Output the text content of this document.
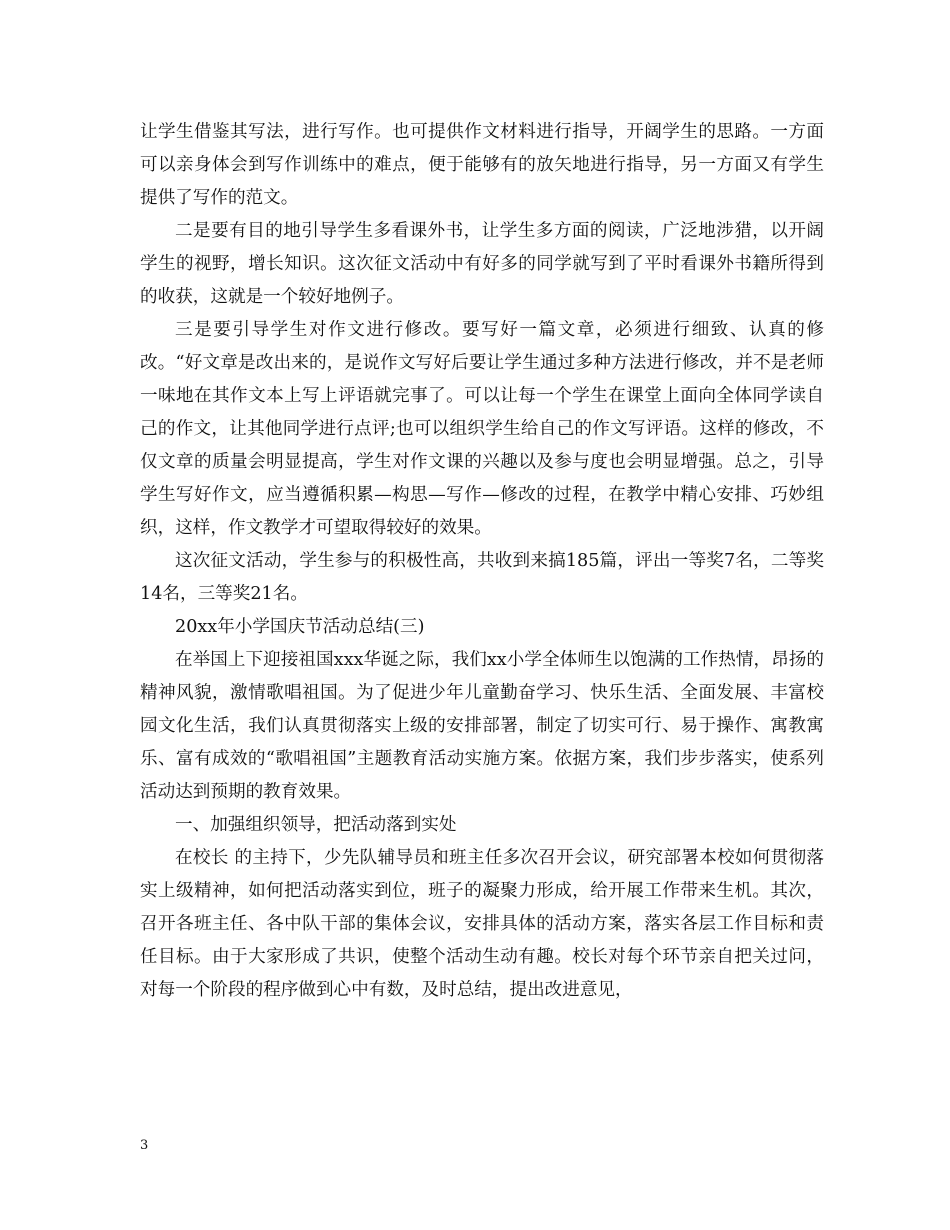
让学生借鉴其写法，进行写作。也可提供作文材料进行指导，开阔学生的思路。一方面可以亲身体会到写作训练中的难点，便于能够有的放矢地进行指导，另一方面又有学生提供了写作的范文。

二是要有目的地引导学生多看课外书，让学生多方面的阅读，广泛地涉猎，以开阔学生的视野，增长知识。这次征文活动中有好多的同学就写到了平时看课外书籍所得到的收获，这就是一个较好地例子。

三是要引导学生对作文进行修改。要写好一篇文章，必须进行细致、认真的修改。“好文章是改出来的，是说作文写好后要让学生通过多种方法进行修改，并不是老师一味地在其作文本上写上评语就完事了。可以让每一个学生在课堂上面向全体同学读自己的作文，让其他同学进行点评;也可以组织学生给自己的作文写评语。这样的修改，不仅文章的质量会明显提高，学生对作文课的兴趣以及参与度也会明显增强。总之，引导学生写好作文，应当遵循积累—构思—写作—修改的过程，在教学中精心安排、巧妙组织，这样，作文教学才可望取得较好的效果。

这次征文活动，学生参与的积极性高，共收到来搞185篇，评出一等奖7名，二等奖14名，三等奖21名。

20xx年小学国庆节活动总结(三)

在举国上下迎接祖国xxx华诞之际，我们xx小学全体师生以饱满的工作热情，昂扬的精神风貌，激情歌唱祖国。为了促进少年儿童勤奋学习、快乐生活、全面发展、丰富校园文化生活，我们认真贯彻落实上级的安排部署，制定了切实可行、易于操作、寓教寓乐、富有成效的“歌唱祖国”主题教育活动实施方案。依据方案，我们步步落实，使系列活动达到预期的教育效果。

一、加强组织领导，把活动落到实处

在校长 的主持下，少先队辅导员和班主任多次召开会议，研究部署本校如何贯彻落实上级精神，如何把活动落实到位，班子的凝聚力形成，给开展工作带来生机。其次，召开各班主任、各中队干部的集体会议，安排具体的活动方案，落实各层工作目标和责任目标。由于大家形成了共识，使整个活动生动有趣。校长对每个环节亲自把关过问，对每一个阶段的程序做到心中有数，及时总结，提出改进意见，

3
